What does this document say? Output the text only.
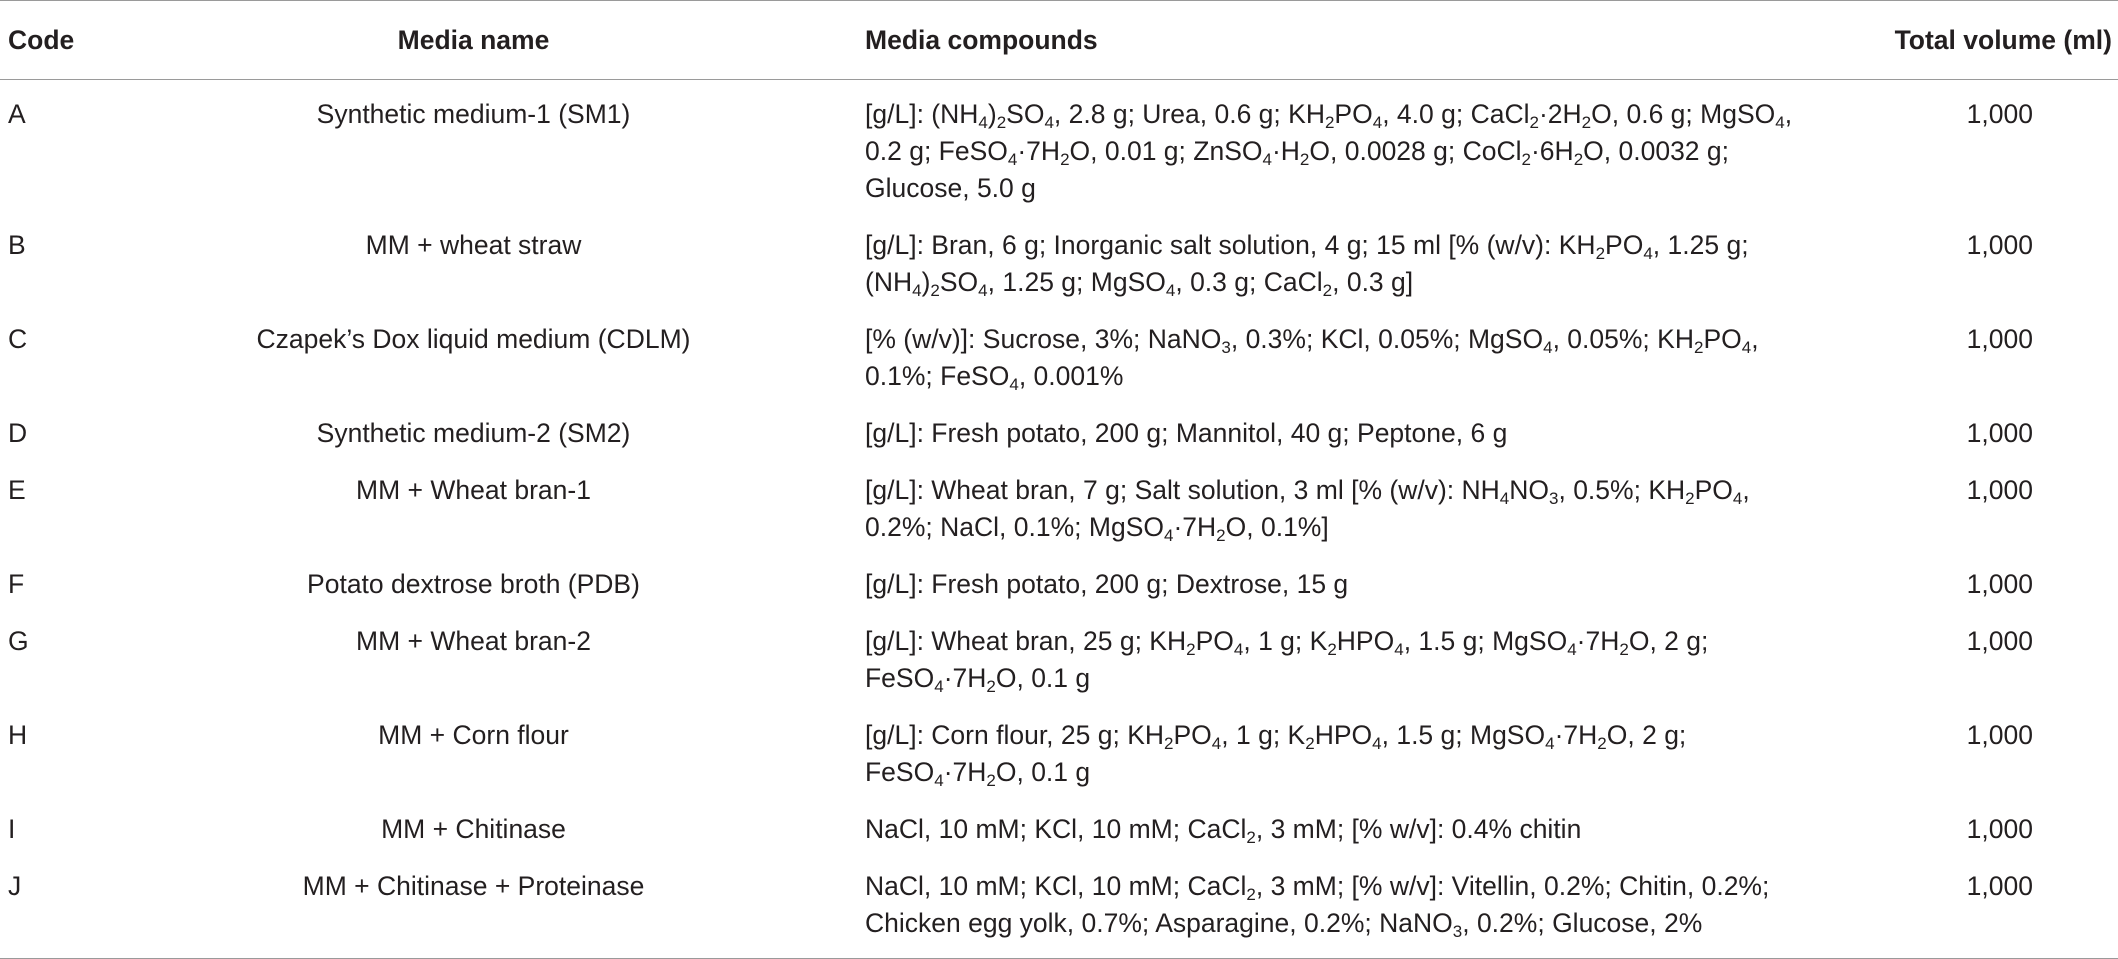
Code	Media name	Media compounds	Total volume (ml)
A	Synthetic medium-1 (SM1)	[g/L]: $(NH_4)_2SO_4$, 2.8 g; Urea, 0.6 g; $KH_2PO_4$, 4.0 g; $CaCl_2\cdot 2H_2O$, 0.6 g; MgSO$_4$, 0.2 g; $FeSO_4\cdot 7H_2O$, 0.01 g; $ZnSO_4\cdot H_2O$, 0.0028 g; $CoCl_2\cdot 6H_2O$, 0.0032 g; Glucose, 5.0 g	1,000
B	MM + wheat straw	[g/L]: Bran, 6 g; Inorganic salt solution, 4 g; 15 ml [% (w/v): $KH_2PO_4$, 1.25 g; $(NH_4)_2SO_4$, 1.25 g; MgSO$_4$, 0.3 g; CaCl$_2$, 0.3 g]	1,000
C	Czapek’s Dox liquid medium (CDLM)	[% (w/v)]: Sucrose, 3%; NaNO$_3$, 0.3%; KCl, 0.05%; MgSO$_4$, 0.05%; $KH_2PO_4$, 0.1%; FeSO$_4$, 0.001%	1,000
D	Synthetic medium-2 (SM2)	[g/L]: Fresh potato, 200 g; Mannitol, 40 g; Peptone, 6 g	1,000
E	MM + Wheat bran-1	[g/L]: Wheat bran, 7 g; Salt solution, 3 ml [% (w/v): $NH_4NO_3$, 0.5%; $KH_2PO_4$, 0.2%; NaCl, 0.1%; $MgSO_4\cdot 7H_2O$, 0.1%]	1,000
F	Potato dextrose broth (PDB)	[g/L]: Fresh potato, 200 g; Dextrose, 15 g	1,000
G	MM + Wheat bran-2	[g/L]: Wheat bran, 25 g; $KH_2PO_4$, 1 g; $K_2HPO_4$, 1.5 g; $MgSO_4\cdot 7H_2O$, 2 g; $FeSO_4\cdot 7H_2O$, 0.1 g	1,000
H	MM + Corn flour	[g/L]: Corn flour, 25 g; $KH_2PO_4$, 1 g; $K_2HPO_4$, 1.5 g; $MgSO_4\cdot 7H_2O$, 2 g; $FeSO_4\cdot 7H_2O$, 0.1 g	1,000
I	MM + Chitinase	NaCl, 10 mM; KCl, 10 mM; CaCl$_2$, 3 mM; [% w/v]: 0.4% chitin	1,000
J	MM + Chitinase + Proteinase	NaCl, 10 mM; KCl, 10 mM; CaCl$_2$, 3 mM; [% w/v]: Vitellin, 0.2%; Chitin, 0.2%; Chicken egg yolk, 0.7%; Asparagine, 0.2%; NaNO$_3$, 0.2%; Glucose, 2%	1,000
